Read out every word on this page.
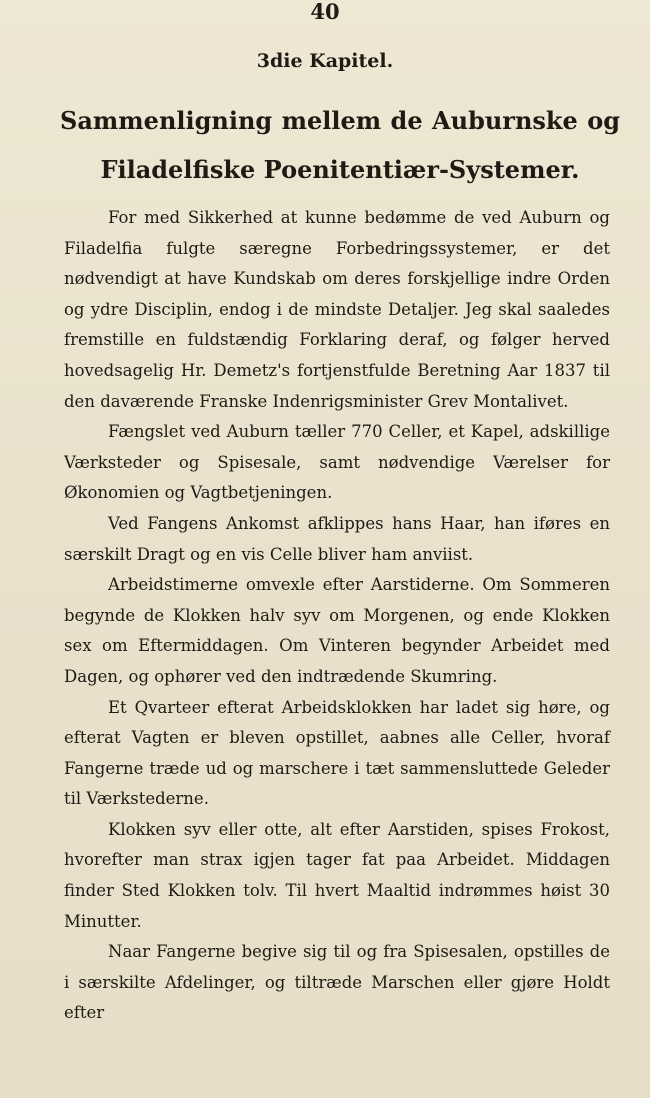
40
3die Kapitel.
Sammenligning mellem de Auburnske og Filadelfiske Poenitentiær-Systemer.

For med Sikkerhed at kunne bedømme de ved Auburn og Filadelfia fulgte særegne Forbedringssystemer, er det nødvendigt at have Kundskab om deres forskjellige indre Orden og ydre Disciplin, endog i de mindste Detaljer. Jeg skal saaledes fremstille en fuldstændig Forklaring deraf, og følger herved hovedsagelig Hr. Demetz's fortjenstfulde Beretning Aar 1837 til den daværende Franske Indenrigsminister Grev Montalivet.

Fængslet ved Auburn tæller 770 Celler, et Kapel, adskillige Værksteder og Spisesale, samt nødvendige Værelser for Økonomien og Vagtbetjeningen.

Ved Fangens Ankomst afklippes hans Haar, han iføres en særskilt Dragt og en vis Celle bliver ham anviist.

Arbeidstimerne omvexle efter Aarstiderne. Om Sommeren begynde de Klokken halv syv om Morgenen, og ende Klokken sex om Eftermiddagen. Om Vinteren begynder Arbeidet med Dagen, og ophører ved den indtrædende Skumring.

Et Qvarteer efterat Arbeidsklokken har ladet sig høre, og efterat Vagten er bleven opstillet, aabnes alle Celler, hvoraf Fangerne træde ud og marschere i tæt sammensluttede Geleder til Værkstederne.

Klokken syv eller otte, alt efter Aarstiden, spises Frokost, hvorefter man strax igjen tager fat paa Arbeidet. Middagen finder Sted Klokken tolv. Til hvert Maaltid indrømmes høist 30 Minutter.

Naar Fangerne begive sig til og fra Spisesalen, opstilles de i særskilte Afdelinger, og tiltræde Marschen eller gjøre Holdt efter
